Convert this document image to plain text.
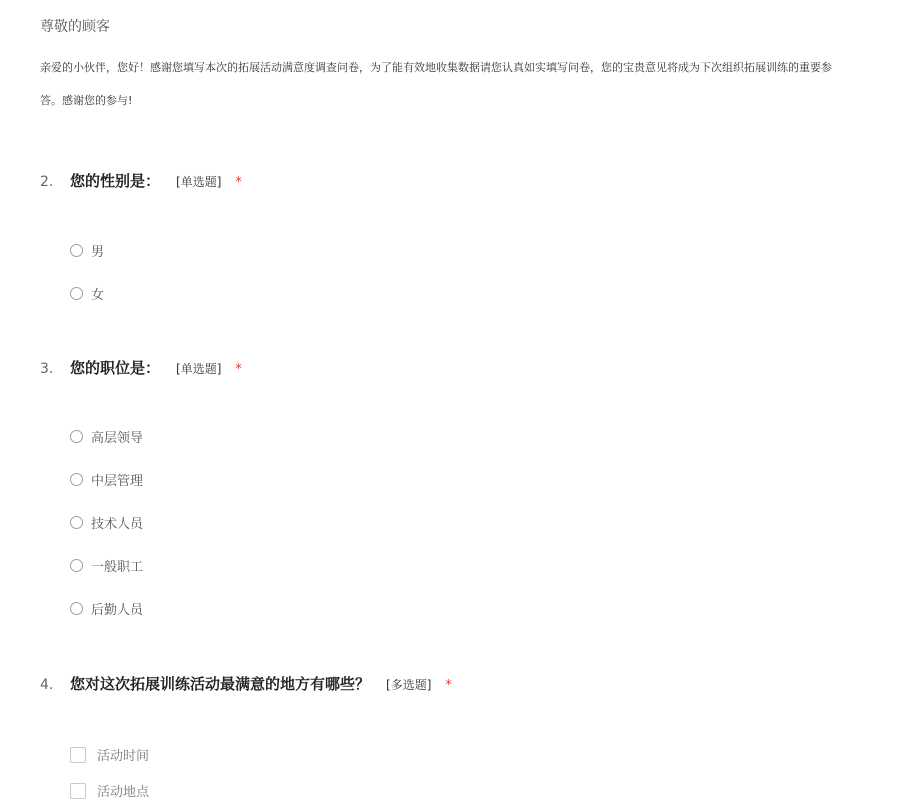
尊敬的顾客
亲爱的小伙伴，您好！感谢您填写本次的拓展活动满意度调查问卷，为了能有效地收集数据请您认真如实填写问卷，您的宝贵意见将成为下次组织拓展训练的重要参
答。感谢您的参与!
2.	您的性别是： [单选题] *
男
女
3.	您的职位是： [单选题] *
高层领导
中层管理
技术人员
一般职工
后勤人员
4.	您对这次拓展训练活动最满意的地方有哪些？ [多选题] *
活动时间
活动地点
